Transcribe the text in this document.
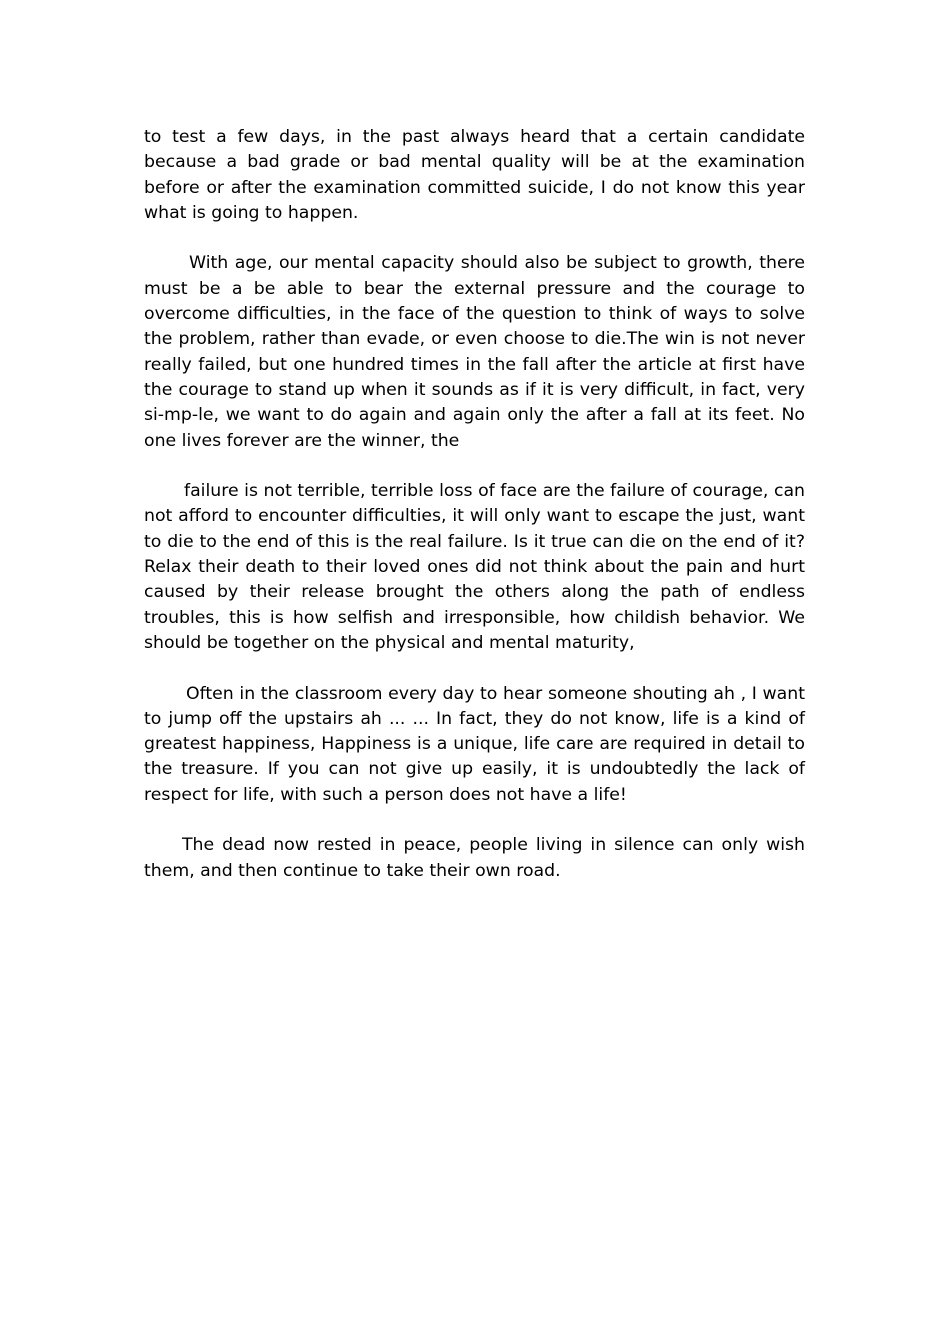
to test a few days, in the past always heard that a certain candidate because a bad grade or bad mental quality will be at the examination before or after the examination committed suicide, I do not know this year what is going to happen.

With age, our mental capacity should also be subject to growth, there must be a be able to bear the external pressure and the courage to overcome difficulties, in the face of the question to think of ways to solve the problem, rather than evade, or even choose to die.The win is not never really failed, but one hundred times in the fall after the article at first have the courage to stand up when it sounds as if it is very difficult, in fact, very si-mp-le, we want to do again and again only the after a fall at its feet. No one lives forever are the winner, the

failure is not terrible, terrible loss of face are the failure of courage, can not afford to encounter difficulties, it will only want to escape the just, want to die to the end of this is the real failure. Is it true can die on the end of it? Relax their death to their loved ones did not think about the pain and hurt caused by their release brought the others along the path of endless troubles, this is how selfish and irresponsible, how childish behavior. We should be together on the physical and mental maturity,

Often in the classroom every day to hear someone shouting ah , I want to jump off the upstairs ah ... ... In fact, they do not know, life is a kind of greatest happiness, Happiness is a unique, life care are required in detail to the treasure. If you can not give up easily, it is undoubtedly the lack of respect for life, with such a person does not have a life!

The dead now rested in peace, people living in silence can only wish them, and then continue to take their own road.
